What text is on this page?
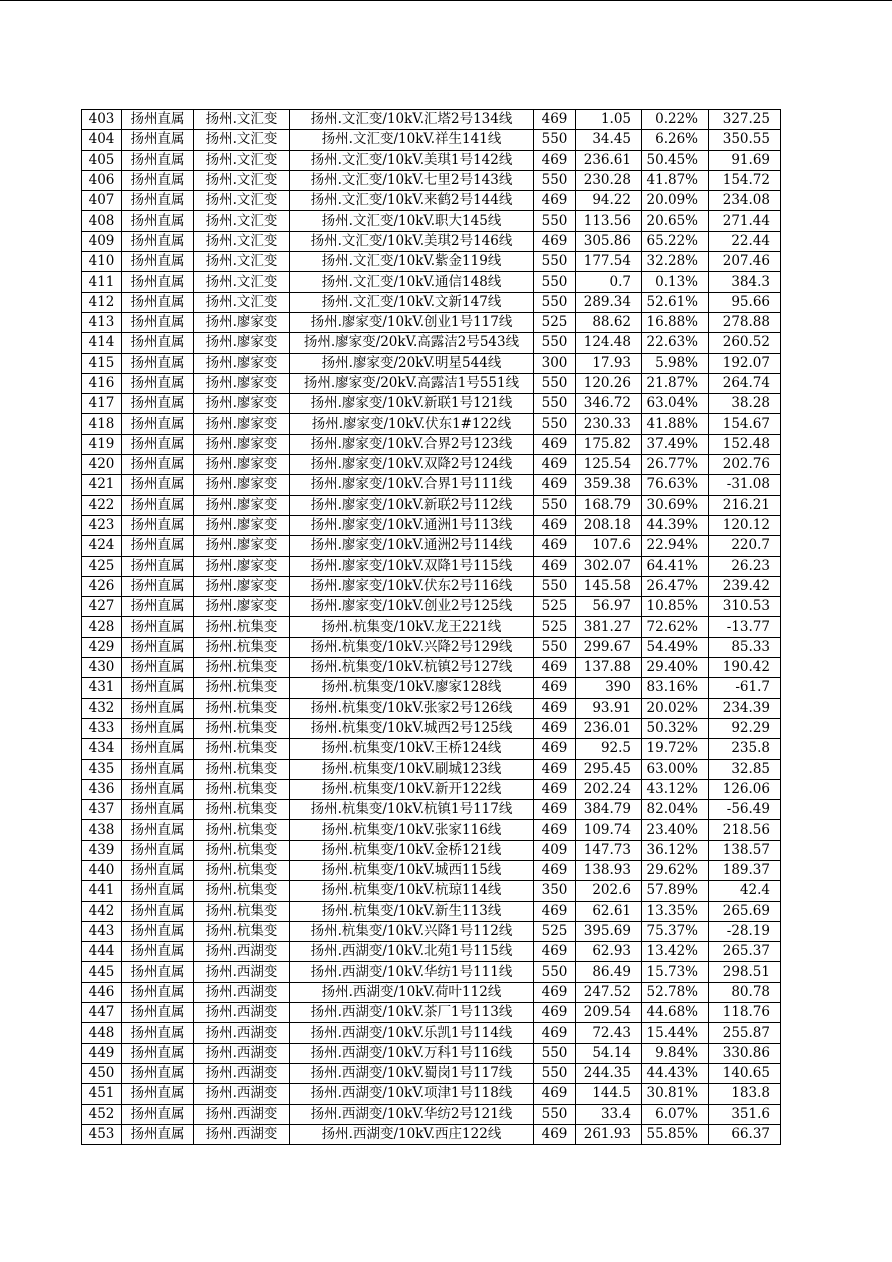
403	扬州直属	扬州.文汇变	扬州.文汇变/10kV.汇塔2号134线	469	1.05	0.22%	327.25
404	扬州直属	扬州.文汇变	扬州.文汇变/10kV.祥生141线	550	34.45	6.26%	350.55
405	扬州直属	扬州.文汇变	扬州.文汇变/10kV.美琪1号142线	469	236.61	50.45%	91.69
406	扬州直属	扬州.文汇变	扬州.文汇变/10kV.七里2号143线	550	230.28	41.87%	154.72
407	扬州直属	扬州.文汇变	扬州.文汇变/10kV.来鹤2号144线	469	94.22	20.09%	234.08
408	扬州直属	扬州.文汇变	扬州.文汇变/10kV.职大145线	550	113.56	20.65%	271.44
409	扬州直属	扬州.文汇变	扬州.文汇变/10kV.美琪2号146线	469	305.86	65.22%	22.44
410	扬州直属	扬州.文汇变	扬州.文汇变/10kV.紫金119线	550	177.54	32.28%	207.46
411	扬州直属	扬州.文汇变	扬州.文汇变/10kV.通信148线	550	0.7	0.13%	384.3
412	扬州直属	扬州.文汇变	扬州.文汇变/10kV.文新147线	550	289.34	52.61%	95.66
413	扬州直属	扬州.廖家变	扬州.廖家变/10kV.创业1号117线	525	88.62	16.88%	278.88
414	扬州直属	扬州.廖家变	扬州.廖家变/20kV.高露洁2号543线	550	124.48	22.63%	260.52
415	扬州直属	扬州.廖家变	扬州.廖家变/20kV.明星544线	300	17.93	5.98%	192.07
416	扬州直属	扬州.廖家变	扬州.廖家变/20kV.高露洁1号551线	550	120.26	21.87%	264.74
417	扬州直属	扬州.廖家变	扬州.廖家变/10kV.新联1号121线	550	346.72	63.04%	38.28
418	扬州直属	扬州.廖家变	扬州.廖家变/10kV.伏东1#122线	550	230.33	41.88%	154.67
419	扬州直属	扬州.廖家变	扬州.廖家变/10kV.合界2号123线	469	175.82	37.49%	152.48
420	扬州直属	扬州.廖家变	扬州.廖家变/10kV.双降2号124线	469	125.54	26.77%	202.76
421	扬州直属	扬州.廖家变	扬州.廖家变/10kV.合界1号111线	469	359.38	76.63%	-31.08
422	扬州直属	扬州.廖家变	扬州.廖家变/10kV.新联2号112线	550	168.79	30.69%	216.21
423	扬州直属	扬州.廖家变	扬州.廖家变/10kV.通洲1号113线	469	208.18	44.39%	120.12
424	扬州直属	扬州.廖家变	扬州.廖家变/10kV.通洲2号114线	469	107.6	22.94%	220.7
425	扬州直属	扬州.廖家变	扬州.廖家变/10kV.双降1号115线	469	302.07	64.41%	26.23
426	扬州直属	扬州.廖家变	扬州.廖家变/10kV.伏东2号116线	550	145.58	26.47%	239.42
427	扬州直属	扬州.廖家变	扬州.廖家变/10kV.创业2号125线	525	56.97	10.85%	310.53
428	扬州直属	扬州.杭集变	扬州.杭集变/10kV.龙王221线	525	381.27	72.62%	-13.77
429	扬州直属	扬州.杭集变	扬州.杭集变/10kV.兴降2号129线	550	299.67	54.49%	85.33
430	扬州直属	扬州.杭集变	扬州.杭集变/10kV.杭镇2号127线	469	137.88	29.40%	190.42
431	扬州直属	扬州.杭集变	扬州.杭集变/10kV.廖家128线	469	390	83.16%	-61.7
432	扬州直属	扬州.杭集变	扬州.杭集变/10kV.张家2号126线	469	93.91	20.02%	234.39
433	扬州直属	扬州.杭集变	扬州.杭集变/10kV.城西2号125线	469	236.01	50.32%	92.29
434	扬州直属	扬州.杭集变	扬州.杭集变/10kV.王桥124线	469	92.5	19.72%	235.8
435	扬州直属	扬州.杭集变	扬州.杭集变/10kV.刷城123线	469	295.45	63.00%	32.85
436	扬州直属	扬州.杭集变	扬州.杭集变/10kV.新开122线	469	202.24	43.12%	126.06
437	扬州直属	扬州.杭集变	扬州.杭集变/10kV.杭镇1号117线	469	384.79	82.04%	-56.49
438	扬州直属	扬州.杭集变	扬州.杭集变/10kV.张家116线	469	109.74	23.40%	218.56
439	扬州直属	扬州.杭集变	扬州.杭集变/10kV.金桥121线	409	147.73	36.12%	138.57
440	扬州直属	扬州.杭集变	扬州.杭集变/10kV.城西115线	469	138.93	29.62%	189.37
441	扬州直属	扬州.杭集变	扬州.杭集变/10kV.杭琼114线	350	202.6	57.89%	42.4
442	扬州直属	扬州.杭集变	扬州.杭集变/10kV.新生113线	469	62.61	13.35%	265.69
443	扬州直属	扬州.杭集变	扬州.杭集变/10kV.兴降1号112线	525	395.69	75.37%	-28.19
444	扬州直属	扬州.西湖变	扬州.西湖变/10kV.北苑1号115线	469	62.93	13.42%	265.37
445	扬州直属	扬州.西湖变	扬州.西湖变/10kV.华纺1号111线	550	86.49	15.73%	298.51
446	扬州直属	扬州.西湖变	扬州.西湖变/10kV.荷叶112线	469	247.52	52.78%	80.78
447	扬州直属	扬州.西湖变	扬州.西湖变/10kV.茶厂1号113线	469	209.54	44.68%	118.76
448	扬州直属	扬州.西湖变	扬州.西湖变/10kV.乐凯1号114线	469	72.43	15.44%	255.87
449	扬州直属	扬州.西湖变	扬州.西湖变/10kV.万科1号116线	550	54.14	9.84%	330.86
450	扬州直属	扬州.西湖变	扬州.西湖变/10kV.蜀岗1号117线	550	244.35	44.43%	140.65
451	扬州直属	扬州.西湖变	扬州.西湖变/10kV.项津1号118线	469	144.5	30.81%	183.8
452	扬州直属	扬州.西湖变	扬州.西湖变/10kV.华纺2号121线	550	33.4	6.07%	351.6
453	扬州直属	扬州.西湖变	扬州.西湖变/10kV.西庄122线	469	261.93	55.85%	66.37
